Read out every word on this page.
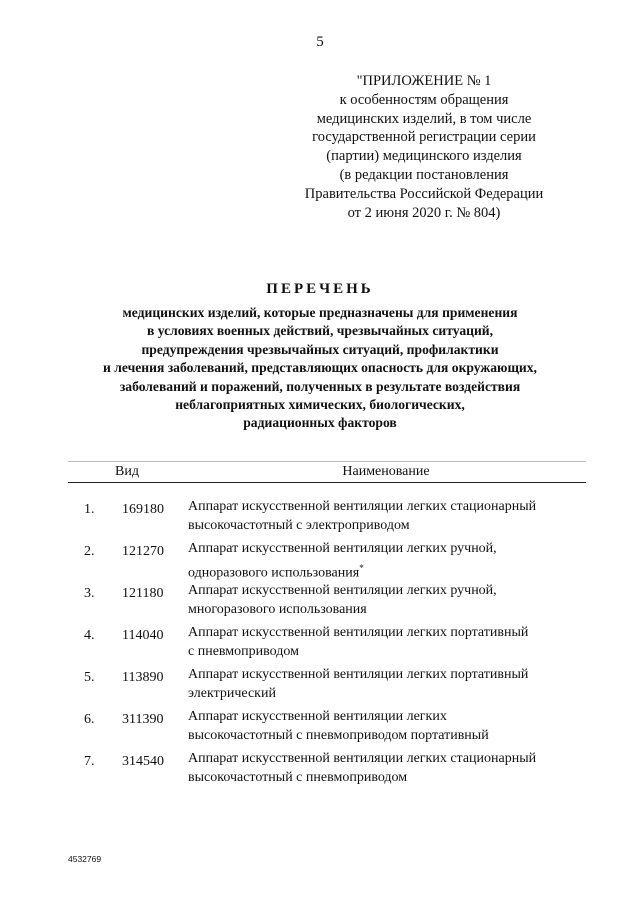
5
"ПРИЛОЖЕНИЕ № 1
к особенностям обращения
медицинских изделий, в том числе
государственной регистрации серии
(партии) медицинского изделия
(в редакции постановления
Правительства Российской Федерации
от 2 июня 2020 г. № 804)
ПЕРЕЧЕНЬ
медицинских изделий, которые предназначены для применения
в условиях военных действий, чрезвычайных ситуаций,
предупреждения чрезвычайных ситуаций, профилактики
и лечения заболеваний, представляющих опасность для окружающих,
заболеваний и поражений, полученных в результате воздействия
неблагоприятных химических, биологических,
радиационных факторов
Вид	Наименование
1. 169180 Аппарат искусственной вентиляции легких стационарный
высокочастотный с электроприводом
2. 121270 Аппарат искусственной вентиляции легких ручной,
одноразового использования*
3. 121180 Аппарат искусственной вентиляции легких ручной,
многоразового использования
4. 114040 Аппарат искусственной вентиляции легких портативный
с пневмоприводом
5. 113890 Аппарат искусственной вентиляции легких портативный
электрический
6. 311390 Аппарат искусственной вентиляции легких
высокочастотный с пневмоприводом портативный
7. 314540 Аппарат искусственной вентиляции легких стационарный
высокочастотный с пневмоприводом
4532769
